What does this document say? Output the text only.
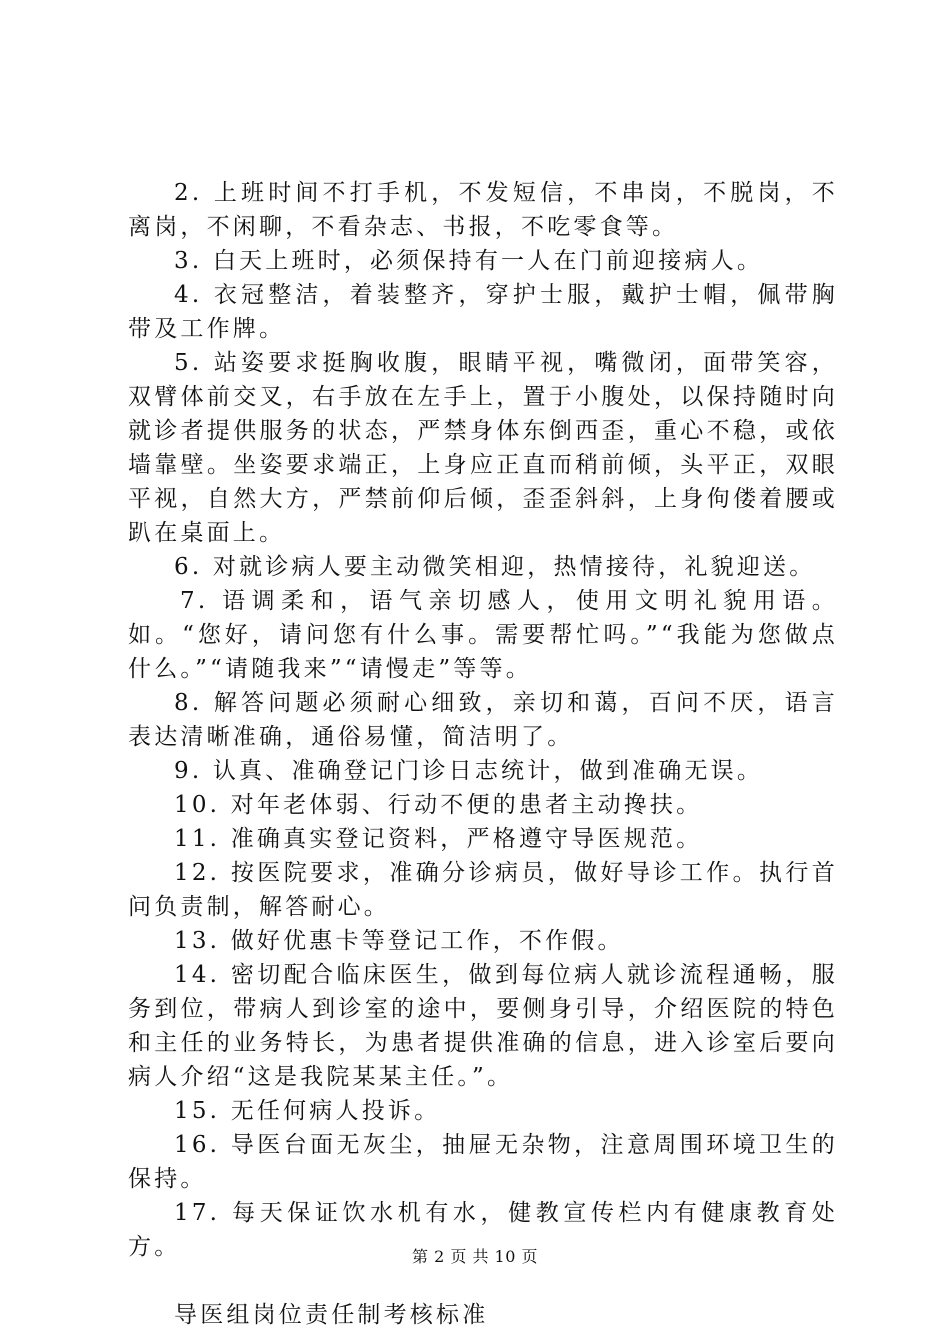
2. 上班时间不打手机，不发短信，不串岗，不脱岗，不离岗，不闲聊，不看杂志、书报，不吃零食等。

3. 白天上班时，必须保持有一人在门前迎接病人。

4. 衣冠整洁，着装整齐，穿护士服，戴护士帽，佩带胸带及工作牌。

5. 站姿要求挺胸收腹，眼睛平视，嘴微闭，面带笑容，双臂体前交叉，右手放在左手上，置于小腹处，以保持随时向就诊者提供服务的状态，严禁身体东倒西歪，重心不稳，或依墙靠壁。坐姿要求端正，上身应正直而稍前倾，头平正，双眼平视，自然大方，严禁前仰后倾，歪歪斜斜，上身佝偻着腰或趴在桌面上。

6. 对就诊病人要主动微笑相迎，热情接待，礼貌迎送。

7. 语调柔和，语气亲切感人，使用文明礼貌用语。如。“您好，请问您有什么事。需要帮忙吗。”“我能为您做点什么。”“请随我来”“请慢走”等等。

8. 解答问题必须耐心细致，亲切和蔼，百问不厌，语言表达清晰准确，通俗易懂，简洁明了。

9. 认真、准确登记门诊日志统计，做到准确无误。

10. 对年老体弱、行动不便的患者主动搀扶。

11. 准确真实登记资料，严格遵守导医规范。

12. 按医院要求，准确分诊病员，做好导诊工作。执行首问负责制，解答耐心。

13. 做好优惠卡等登记工作，不作假。

14. 密切配合临床医生，做到每位病人就诊流程通畅，服务到位，带病人到诊室的途中，要侧身引导，介绍医院的特色和主任的业务特长，为患者提供准确的信息，进入诊室后要向病人介绍“这是我院某某主任。”。

15. 无任何病人投诉。

16. 导医台面无灰尘，抽屉无杂物，注意周围环境卫生的保持。

17. 每天保证饮水机有水，健教宣传栏内有健康教育处方。

导医组岗位责任制考核标准

第 2 页 共 10 页
